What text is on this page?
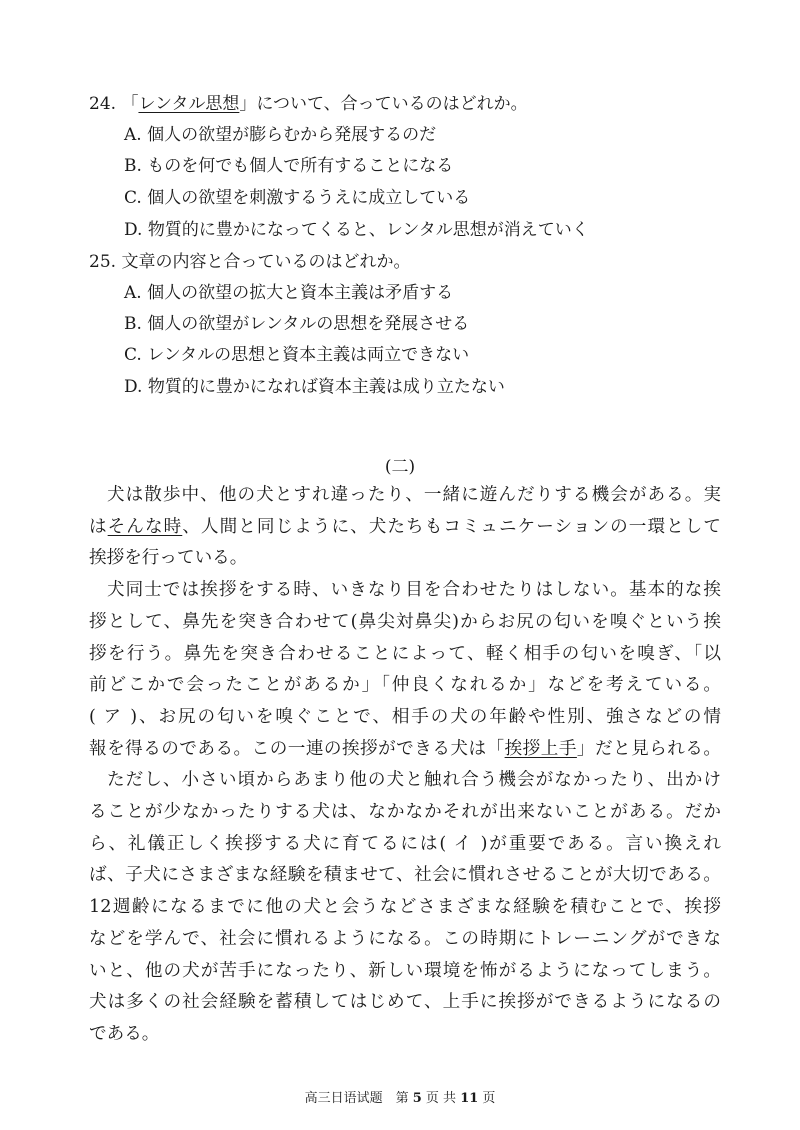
24. 「レンタル思想」について、合っているのはどれか。
A. 個人の欲望が膨らむから発展するのだ
B. ものを何でも個人で所有することになる
C. 個人の欲望を刺激するうえに成立している
D. 物質的に豊かになってくると、レンタル思想が消えていく
25. 文章の内容と合っているのはどれか。
A. 個人の欲望の拡大と資本主義は矛盾する
B. 個人の欲望がレンタルの思想を発展させる
C. レンタルの思想と資本主義は両立できない
D. 物質的に豊かになれば資本主義は成り立たない
(二)
犬は散歩中、他の犬とすれ違ったり、一緒に遊んだりする機会がある。実
はそんな時、人間と同じように、犬たちもコミュニケーションの一環として
挨拶を行っている。
犬同士では挨拶をする時、いきなり目を合わせたりはしない。基本的な挨
拶として、鼻先を突き合わせて(鼻尖対鼻尖)からお尻の匂いを嗅ぐという挨
拶を行う。鼻先を突き合わせることによって、軽く相手の匂いを嗅ぎ、「以
前どこかで会ったことがあるか」「仲良くなれるか」などを考えている。
( ア )、お尻の匂いを嗅ぐことで、相手の犬の年齢や性別、強さなどの情
報を得るのである。この一連の挨拶ができる犬は「挨拶上手」だと見られる。
ただし、小さい頃からあまり他の犬と触れ合う機会がなかったり、出かけ
ることが少なかったりする犬は、なかなかそれが出来ないことがある。だか
ら、礼儀正しく挨拶する犬に育てるには( イ )が重要である。言い換えれ
ば、子犬にさまざまな経験を積ませて、社会に慣れさせることが大切である。
12週齢になるまでに他の犬と会うなどさまざまな経験を積むことで、挨拶
などを学んで、社会に慣れるようになる。この時期にトレーニングができな
いと、他の犬が苦手になったり、新しい環境を怖がるようになってしまう。
犬は多くの社会経験を蓄積してはじめて、上手に挨拶ができるようになるの
である。
高三日语试题　第 5 页 共 11 页
